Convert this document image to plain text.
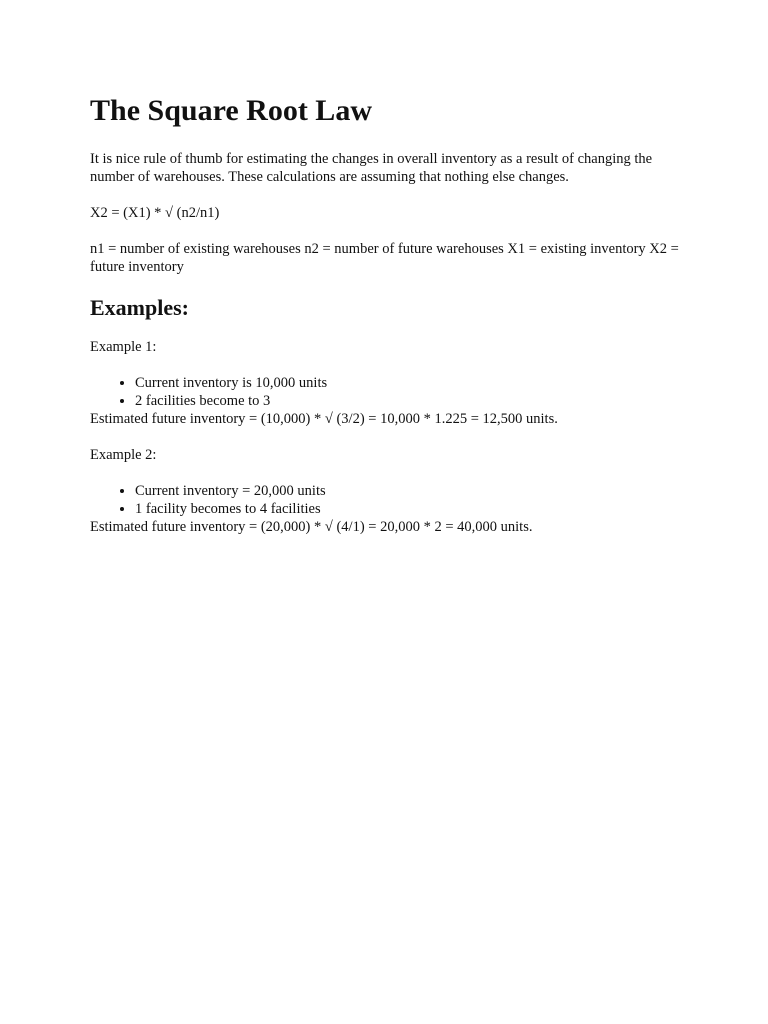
The Square Root Law

It is nice rule of thumb for estimating the changes in overall inventory as a result of changing the number of warehouses. These calculations are assuming that nothing else changes.

X2 = (X1) * √ (n2/n1)

n1 = number of existing warehouses n2 = number of future warehouses X1 = existing inventory X2 = future inventory

Examples:

Example 1:

• Current inventory is 10,000 units
• 2 facilities become to 3
Estimated future inventory = (10,000) * √ (3/2) = 10,000 * 1.225 = 12,500 units.

Example 2:

• Current inventory = 20,000 units
• 1 facility becomes to 4 facilities
Estimated future inventory = (20,000) * √ (4/1) = 20,000 * 2 = 40,000 units.
